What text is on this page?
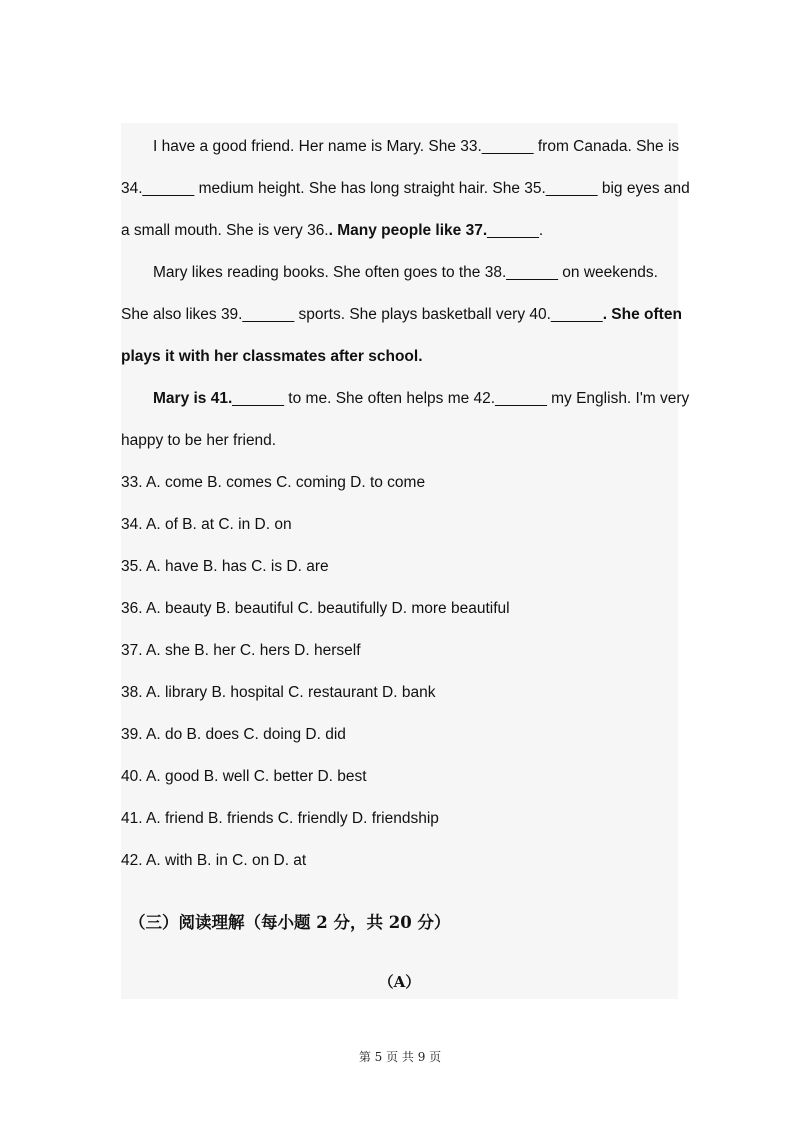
I have a good friend. Her name is Mary. She 33.______ from Canada. She is
34.______ medium height. She has long straight hair. She 35.______ big eyes and
a small mouth. She is very 36.. Many people like 37.______.
Mary likes reading books. She often goes to the 38.______ on weekends.
She also likes 39.______ sports. She plays basketball very 40.______. She often
plays it with her classmates after school.
Mary is 41.______ to me. She often helps me 42.______ my English. I'm very
happy to be her friend.
33. A. come B. comes C. coming D. to come
34. A. of B. at C. in D. on
35. A. have B. has C. is D. are
36. A. beauty B. beautiful C. beautifully D. more beautiful
37. A. she B. her C. hers D. herself
38. A. library B. hospital C. restaurant D. bank
39. A. do B. does C. doing D. did
40. A. good B. well C. better D. best
41. A. friend B. friends C. friendly D. friendship
42. A. with B. in C. on D. at
（三）阅读理解（每小题 2 分，共 20 分）
（A）
第 5 页 共 9 页
